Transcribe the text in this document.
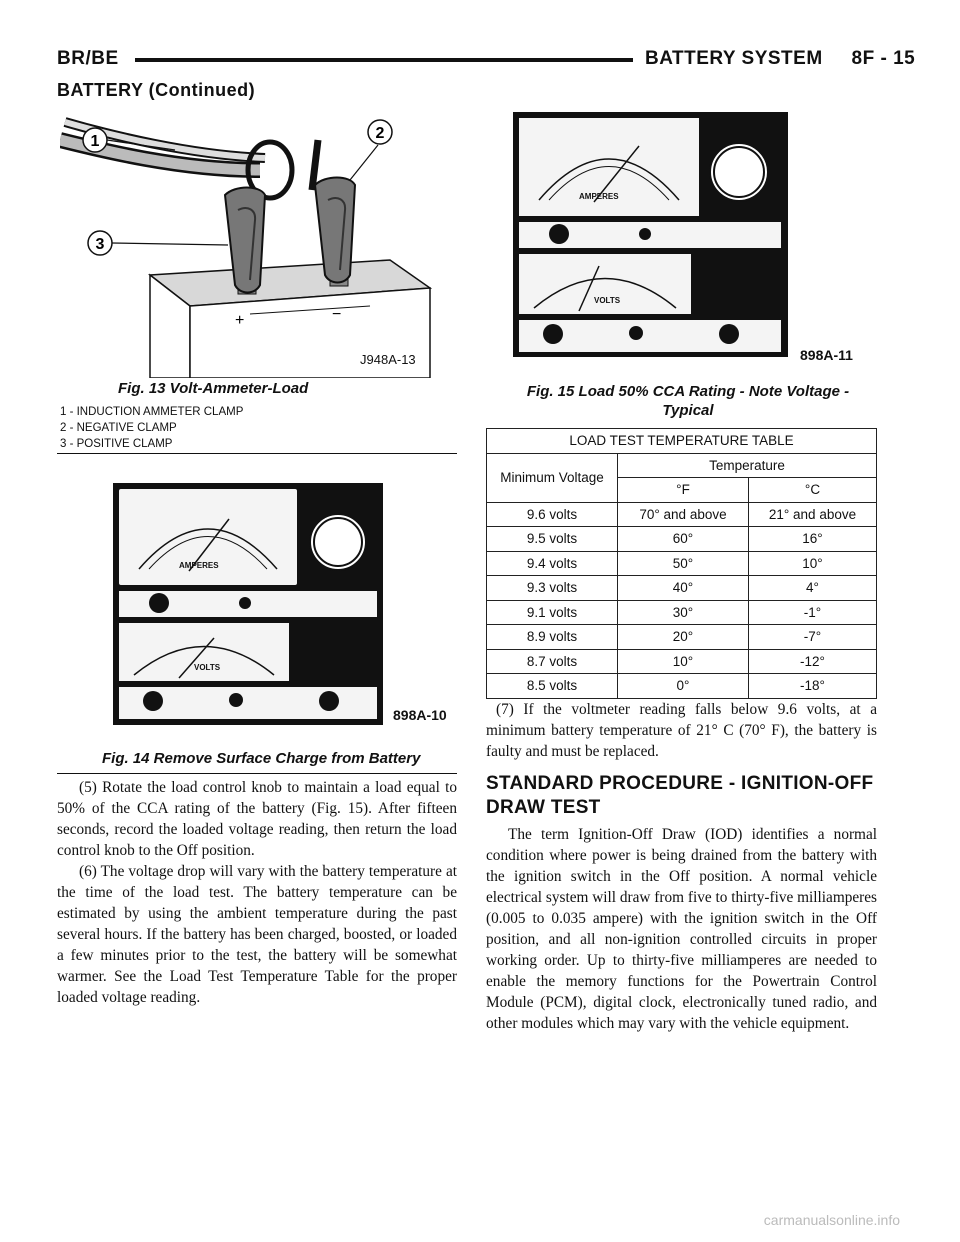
BR/BE	BATTERY SYSTEM     8F - 15
BATTERY (Continued)
+	−
1	2
3
J948A-13
Fig. 13 Volt-Ammeter-Load
1 - INDUCTION AMMETER CLAMP
2 - NEGATIVE CLAMP
3 - POSITIVE CLAMP
AMPERES
VOLTS
898A-10
Fig. 14 Remove Surface Charge from Battery

(5) Rotate the load control knob to maintain a load equal to 50% of the CCA rating of the battery (Fig. 15). After fifteen seconds, record the loaded voltage reading, then return the load control knob to the Off position.

(6) The voltage drop will vary with the battery temperature at the time of the load test. The battery temperature can be estimated by using the ambient temperature during the past several hours. If the battery has been charged, boosted, or loaded a few minutes prior to the test, the battery will be somewhat warmer. See the Load Test Temperature Table for the proper loaded voltage reading.

AMPERES
VOLTS
898A-11
Fig. 15 Load 50% CCA Rating - Note Voltage -
Typical
LOAD TEST TEMPERATURE TABLE		
Minimum Voltage	Temperature	
	°F	°C
9.6 volts	70° and above	21° and above
9.5 volts	60°	16°
9.4 volts	50°	10°
9.3 volts	40°	4°
9.1 volts	30°	-1°
8.9 volts	20°	-7°
8.7 volts	10°	-12°
8.5 volts	0°	-18°

(7) If the voltmeter reading falls below 9.6 volts, at a minimum battery temperature of 21° C (70° F), the battery is faulty and must be replaced.

STANDARD PROCEDURE - IGNITION-OFF
DRAW TEST

The term Ignition-Off Draw (IOD) identifies a normal condition where power is being drained from the battery with the ignition switch in the Off position. A normal vehicle electrical system will draw from five to thirty-five milliamperes (0.005 to 0.035 ampere) with the ignition switch in the Off position, and all non-ignition controlled circuits in proper working order. Up to thirty-five milliamperes are needed to enable the memory functions for the Powertrain Control Module (PCM), digital clock, electronically tuned radio, and other modules which may vary with the vehicle equipment.

carmanualsonline.info
